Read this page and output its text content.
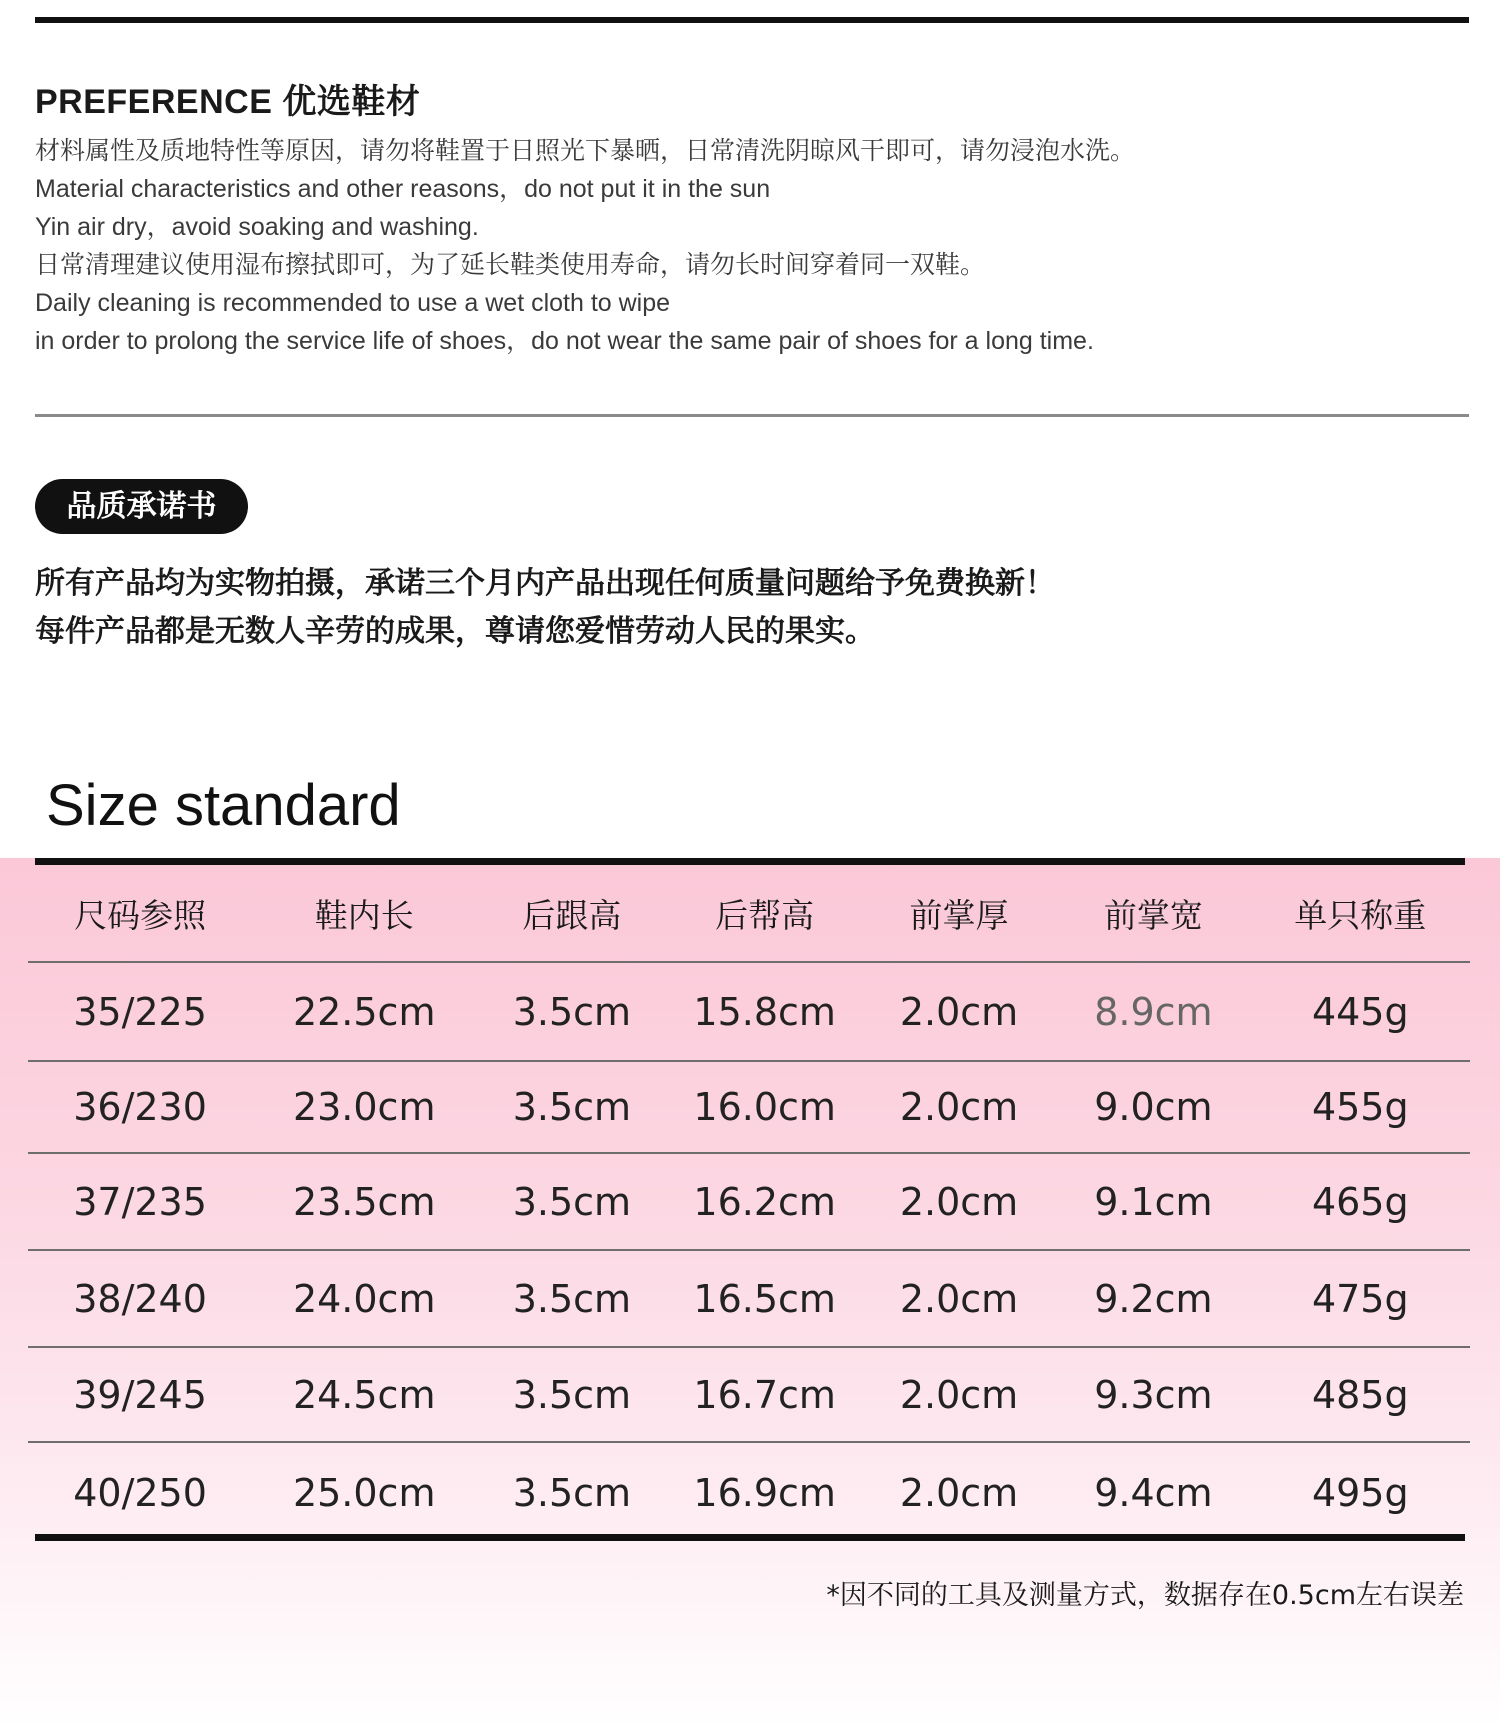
PREFERENCE 优选鞋材
材料属性及质地特性等原因，请勿将鞋置于日照光下暴晒，日常清洗阴晾风干即可，请勿浸泡水洗。
Material characteristics and other reasons，do not put it in the sun
Yin air dry，avoid soaking and washing.
日常清理建议使用湿布擦拭即可，为了延长鞋类使用寿命，请勿长时间穿着同一双鞋。
Daily cleaning is recommended to use a wet cloth to wipe
in order to prolong the service life of shoes，do not wear the same pair of shoes for a long time.
品质承诺书
所有产品均为实物拍摄，承诺三个月内产品出现任何质量问题给予免费换新！
每件产品都是无数人辛劳的成果，尊请您爱惜劳动人民的果实。
Size standard
尺码参照	鞋内长	后跟高	后帮高	前掌厚	前掌宽	单只称重
35/225	22.5cm	3.5cm	15.8cm	2.0cm	8.9cm	445g
36/230	23.0cm	3.5cm	16.0cm	2.0cm	9.0cm	455g
37/235	23.5cm	3.5cm	16.2cm	2.0cm	9.1cm	465g
38/240	24.0cm	3.5cm	16.5cm	2.0cm	9.2cm	475g
39/245	24.5cm	3.5cm	16.7cm	2.0cm	9.3cm	485g
40/250	25.0cm	3.5cm	16.9cm	2.0cm	9.4cm	495g
*因不同的工具及测量方式，数据存在0.5cm左右误差
